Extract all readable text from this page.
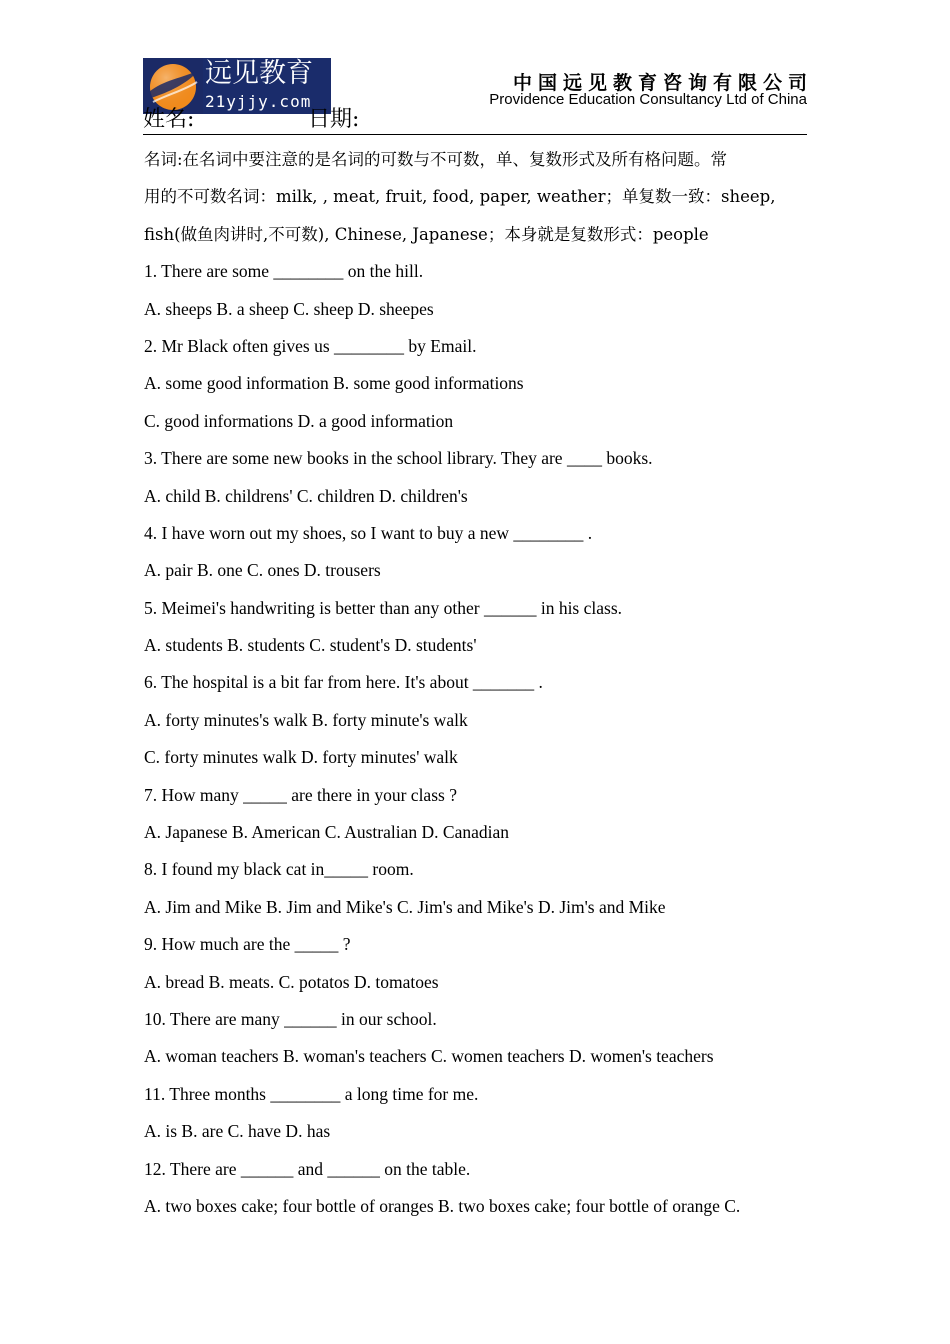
远见教育
21yjjy.com
中国远见教育咨询有限公司
Providence Education Consultancy Ltd of China
姓名:	日期:
名词:在名词中要注意的是名词的可数与不可数，单、复数形式及所有格问题。常
用的不可数名词：milk, , meat, fruit, food, paper, weather；单复数一致：sheep,
fish(做鱼肉讲时,不可数), Chinese, Japanese；本身就是复数形式：people
1. There are some ________ on the hill.
A. sheeps B. a sheep C. sheep D. sheepes
2. Mr Black often gives us ________ by Email.
A. some good information B. some good informations
C. good informations D. a good information
3. There are some new books in the school library. They are ____ books.
A. child B. childrens' C. children D. children's
4. I have worn out my shoes, so I want to buy a new ________ .
A. pair B. one C. ones D. trousers
5. Meimei's handwriting is better than any other ______ in his class.
A. students B. students C. student's D. students'
6. The hospital is a bit far from here. It's about _______ .
A. forty minutes's walk B. forty minute's walk
C. forty minutes walk D. forty minutes' walk
7. How many _____ are there in your class ?
A. Japanese B. American C. Australian D. Canadian
8. I found my black cat in_____ room.
A. Jim and Mike B. Jim and Mike's C. Jim's and Mike's D. Jim's and Mike
9. How much are the _____ ?
A. bread B. meats. C. potatos D. tomatoes
10. There are many ______ in our school.
A. woman teachers B. woman's teachers C. women teachers D. women's teachers
11. Three months ________ a long time for me.
A. is B. are C. have D. has
12. There are ______ and ______ on the table.
A. two boxes cake; four bottle of oranges B. two boxes cake; four bottle of orange C.
